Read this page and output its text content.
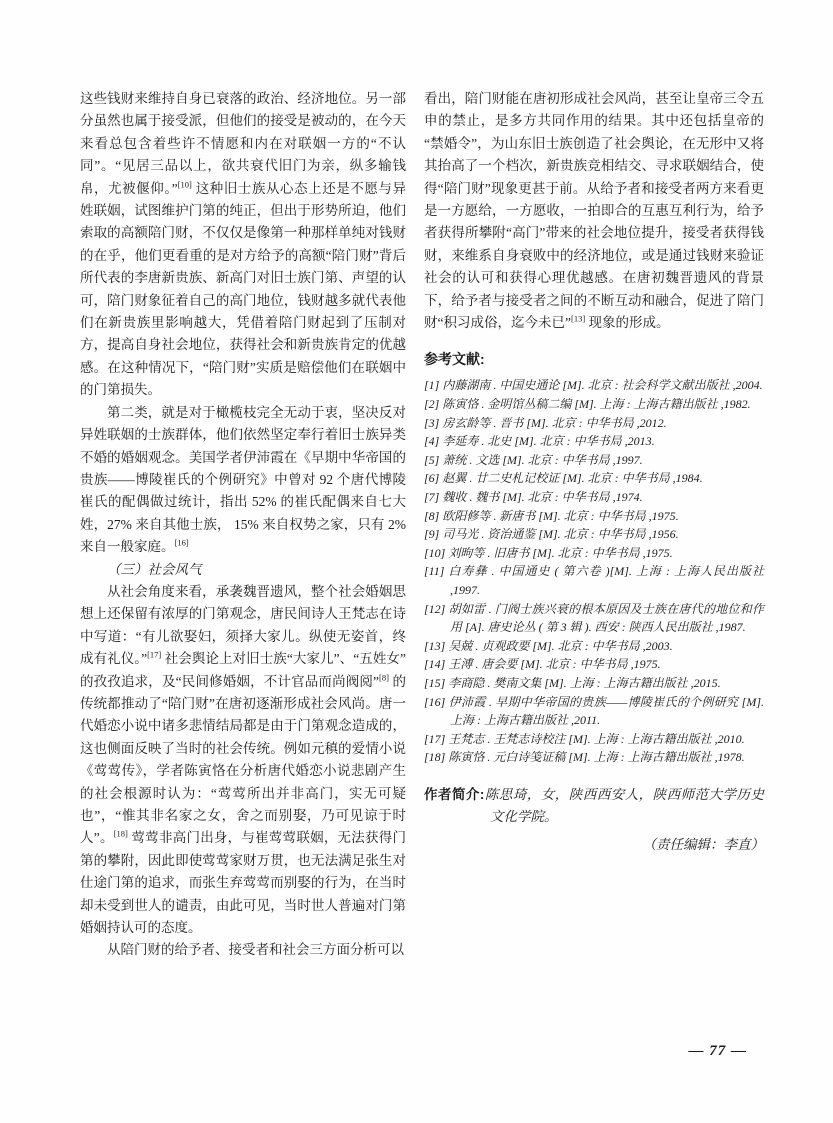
这些钱财来维持自身已衰落的政治、经济地位。另一部分虽然也属于接受派，但他们的接受是被动的，在今天来看总包含着些许不情愿和内在对联姻一方的“不认同”。“见居三品以上，欲共衰代旧门为亲，纵多输钱帛，尤被偃仰。”[10] 这种旧士族从心态上还是不愿与异姓联姻，试图维护门第的纯正，但出于形势所迫，他们索取的高额陪门财，不仅仅是像第一种那样单纯对钱财的在乎，他们更看重的是对方给予的高额“陪门财”背后所代表的李唐新贵族、新高门对旧士族门第、声望的认可，陪门财象征着自己的高门地位，钱财越多就代表他们在新贵族里影响越大，凭借着陪门财起到了压制对方，提高自身社会地位，获得社会和新贵族肯定的优越感。在这种情况下，“陪门财”实质是赔偿他们在联姻中的门第损失。

第二类，就是对于橄榄枝完全无动于衷，坚决反对异姓联姻的士族群体，他们依然坚定奉行着旧士族异类不婚的婚姻观念。美国学者伊沛霞在《早期中华帝国的贵族——博陵崔氏的个例研究》中曾对 92 个唐代博陵崔氏的配偶做过统计，指出 52% 的崔氏配偶来自七大姓，27% 来自其他士族， 15% 来自权势之家，只有 2% 来自一般家庭。[16]

（三）社会风气

从社会角度来看，承袭魏晋遗风，整个社会婚姻思想上还保留有浓厚的门第观念，唐民间诗人王梵志在诗中写道：“有儿欲娶妇，须择大家儿。纵使无姿首，终成有礼仪。”[17] 社会舆论上对旧士族“大家儿”、“五姓女”的孜孜追求，及“民间修婚姻，不计官品而尚阀阅”[8] 的传统都推动了“陪门财”在唐初逐渐形成社会风尚。唐一代婚恋小说中诸多悲情结局都是由于门第观念造成的，这也侧面反映了当时的社会传统。例如元稹的爱情小说《莺莺传》，学者陈寅恪在分析唐代婚恋小说悲剧产生的社会根源时认为：“莺莺所出并非高门，实无可疑也”，“惟其非名家之女，舍之而别娶，乃可见谅于时人”。[18] 莺莺非高门出身，与崔莺莺联姻，无法获得门第的攀附，因此即使莺莺家财万贯，也无法满足张生对仕途门第的追求，而张生弃莺莺而别娶的行为，在当时却未受到世人的谴责，由此可见，当时世人普遍对门第婚姻持认可的态度。

从陪门财的给予者、接受者和社会三方面分析可以

看出，陪门财能在唐初形成社会风尚，甚至让皇帝三令五申的禁止，是多方共同作用的结果。其中还包括皇帝的“禁婚令”，为山东旧士族创造了社会舆论，在无形中又将其抬高了一个档次，新贵族竞相结交、寻求联姻结合，使得“陪门财”现象更甚于前。从给予者和接受者两方来看更是一方愿给，一方愿收，一拍即合的互惠互利行为，给予者获得所攀附“高门”带来的社会地位提升，接受者获得钱财，来维系自身衰败中的经济地位，或是通过钱财来验证社会的认可和获得心理优越感。在唐初魏晋遗风的背景下，给予者与接受者之间的不断互动和融合，促进了陪门财“积习成俗，迄今未已”[13] 现象的形成。

参考文献:
[1] 内藤湖南 . 中国史通论 [M]. 北京 : 社会科学文献出版社 ,2004.
[2] 陈寅恪 . 金明馆丛稿二编 [M]. 上海 : 上海古籍出版社 ,1982.
[3] 房玄龄等 . 晋书 [M]. 北京 : 中华书局 ,2012.
[4] 李延寿 . 北史 [M]. 北京 : 中华书局 ,2013.
[5] 萧统 . 文选 [M]. 北京 : 中华书局 ,1997.
[6] 赵翼 . 廿二史札记校证 [M]. 北京 : 中华书局 ,1984.
[7] 魏收 . 魏书 [M]. 北京 : 中华书局 ,1974.
[8] 欧阳修等 . 新唐书 [M]. 北京 : 中华书局 ,1975.
[9] 司马光 . 资治通鉴 [M]. 北京 : 中华书局 ,1956.
[10] 刘昫等 . 旧唐书 [M]. 北京 : 中华书局 ,1975.
[11] 白寿彝 . 中国通史 ( 第六卷 )[M]. 上海 : 上海人民出版社 ,1997.
[12] 胡如雷 . 门阀士族兴衰的根本原因及士族在唐代的地位和作用 [A]. 唐史论丛 ( 第 3 辑 ). 西安 : 陕西人民出版社 ,1987.
[13] 吴兢 . 贞观政要 [M]. 北京 : 中华书局 ,2003.
[14] 王溥 . 唐会要 [M]. 北京 : 中华书局 ,1975.
[15] 李商隐 . 樊南文集 [M]. 上海 : 上海古籍出版社 ,2015.
[16] 伊沛霞 . 早期中华帝国的贵族——博陵崔氏的个例研究 [M]. 上海 : 上海古籍出版社 ,2011.
[17] 王梵志 . 王梵志诗校注 [M]. 上海 : 上海古籍出版社 ,2010.
[18] 陈寅恪 . 元白诗笺证稿 [M]. 上海 : 上海古籍出版社 ,1978.
作者简介:陈思琦，女，陕西西安人，陕西师范大学历史文化学院。
（责任编辑：李直）
— 77 —
